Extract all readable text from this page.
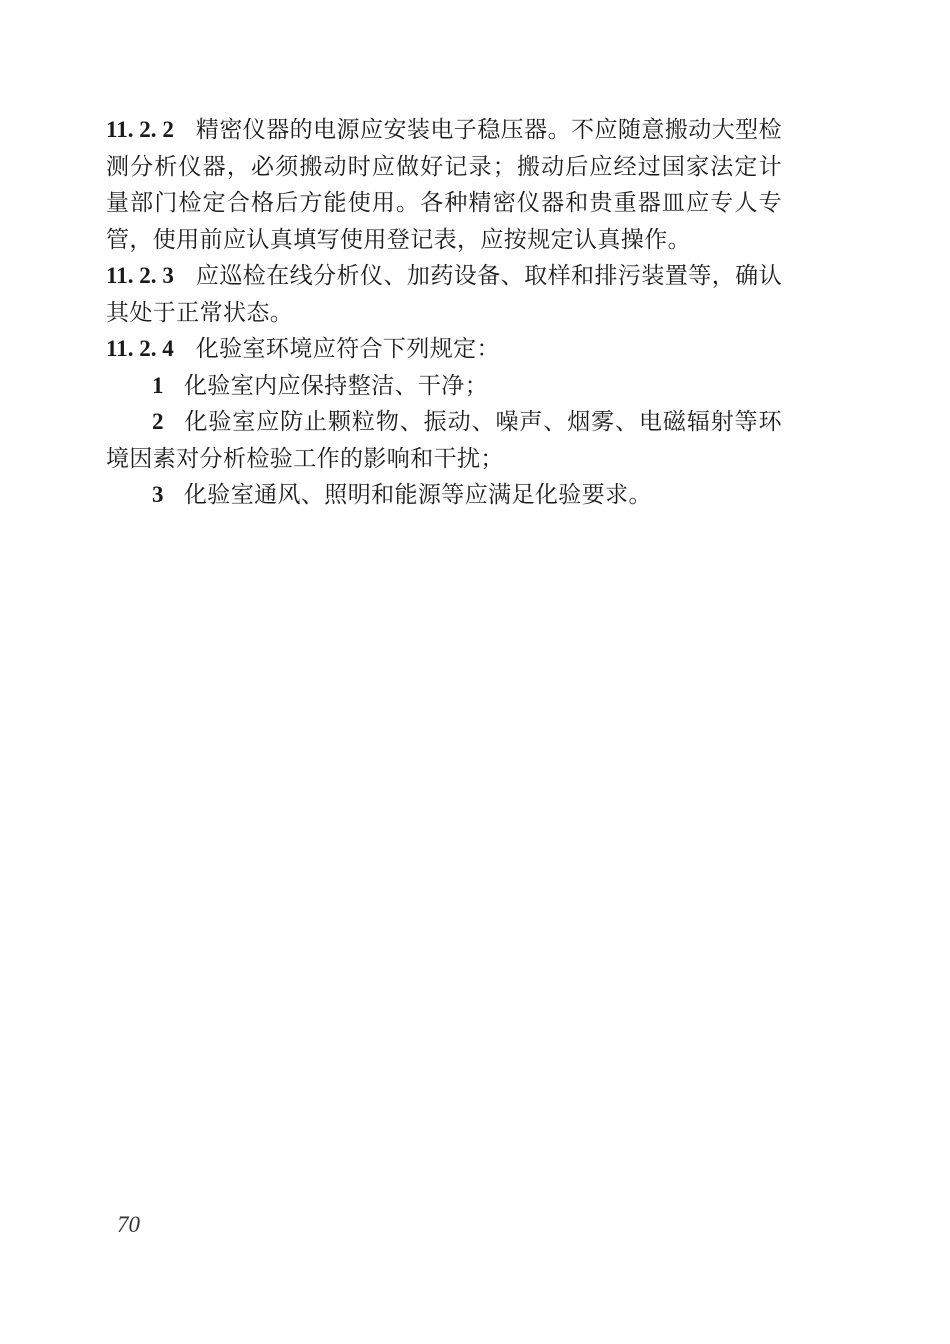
11. 2. 2 精密仪器的电源应安装电子稳压器。不应随意搬动大型检测分析仪器，必须搬动时应做好记录；搬动后应经过国家法定计量部门检定合格后方能使用。各种精密仪器和贵重器皿应专人专管，使用前应认真填写使用登记表，应按规定认真操作。

11. 2. 3 应巡检在线分析仪、加药设备、取样和排污装置等，确认其处于正常状态。

11. 2. 4 化验室环境应符合下列规定：

1 化验室内应保持整洁、干净；

2 化验室应防止颗粒物、振动、噪声、烟雾、电磁辐射等环境因素对分析检验工作的影响和干扰；

3 化验室通风、照明和能源等应满足化验要求。

70
